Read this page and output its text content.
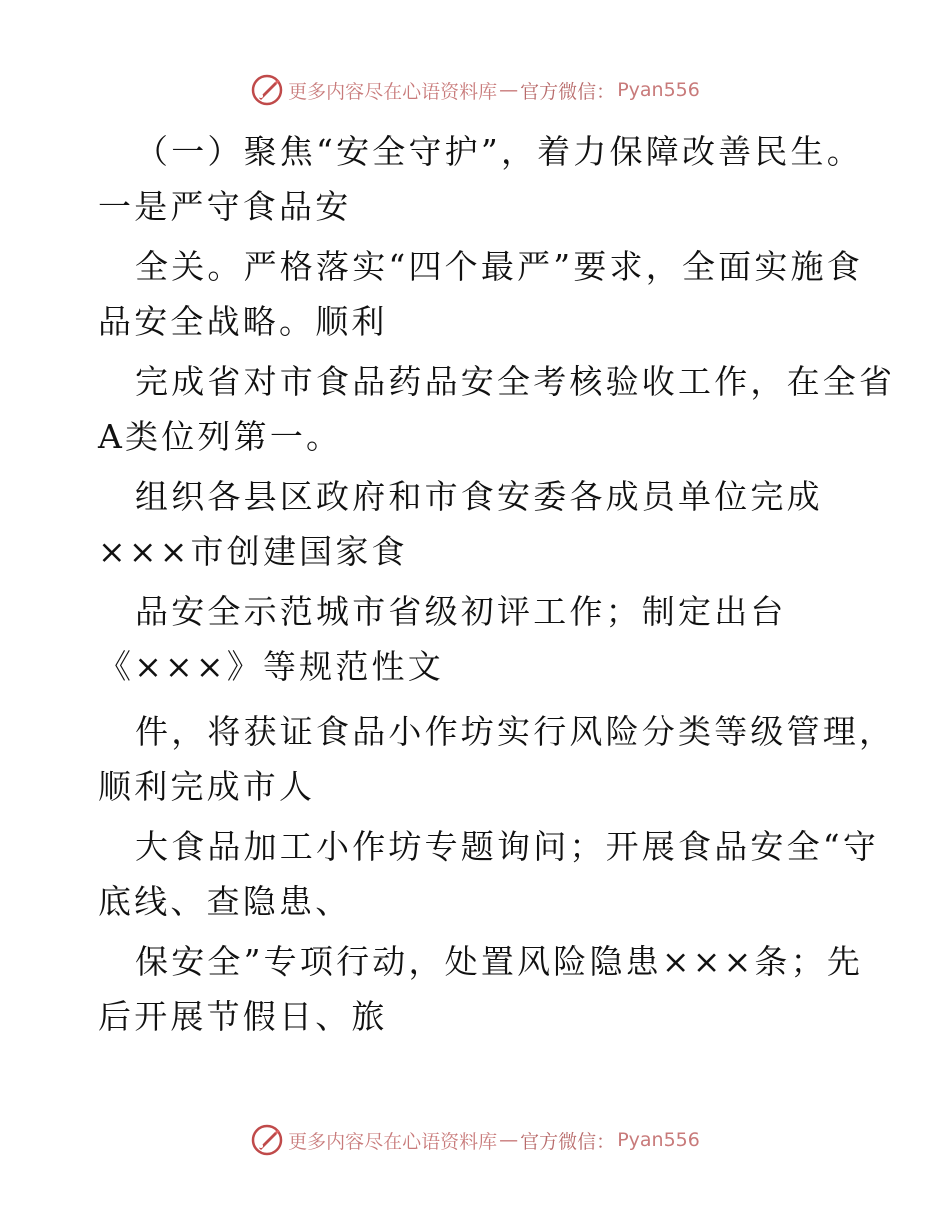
更多内容尽在心语资料库 — 官方微信： Pyan556
（一）聚焦“安全守护”，着力保障改善民生。
一是严守食品安
全关。严格落实“四个最严”要求，全面实施食
品安全战略。顺利
完成省对市食品药品安全考核验收工作，在全省
A类位列第一。
组织各县区政府和市食安委各成员单位完成
×××市创建国家食
品安全示范城市省级初评工作；制定出台
《×××》等规范性文
件，将获证食品小作坊实行风险分类等级管理，
顺利完成市人
大食品加工小作坊专题询问；开展食品安全“守
底线、查隐患、
保安全”专项行动，处置风险隐患×××条；先
后开展节假日、旅
更多内容尽在心语资料库 — 官方微信： Pyan556
